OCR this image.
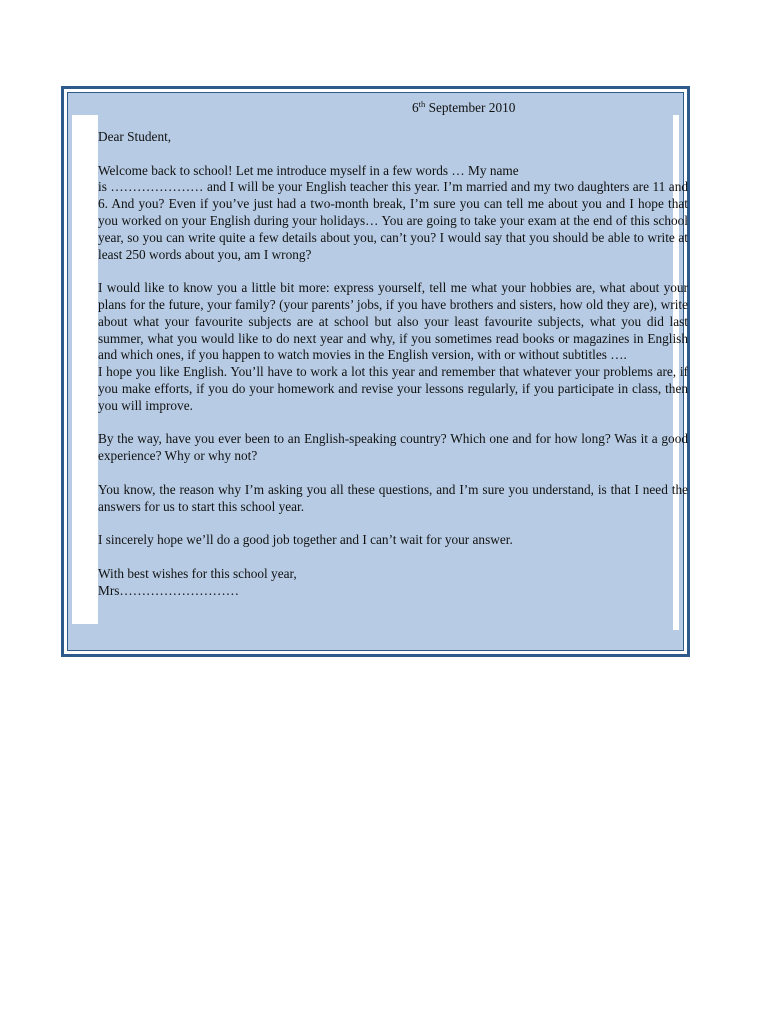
6th September 2010

Dear Student,

Welcome back to school! Let me introduce myself in a few words … My name

is ………………… and I will be your English teacher this year. I’m married and my two daughters are 11 and 6. And you? Even if you’ve just had a two-month break, I’m sure you can tell me about you and I hope that you worked on your English during your holidays… You are going to take your exam at the end of this school year, so you can write quite a few details about you, can’t you? I would say that you should be able to write at least 250 words about you, am I wrong?

I would like to know you a little bit more: express yourself, tell me what your hobbies are, what about your plans for the future, your family? (your parents’ jobs, if you have brothers and sisters, how old they are), write about what your favourite subjects are at school but also your least favourite subjects, what you did last summer, what you would like to do next year and why, if you sometimes read books or magazines in English and which ones, if you happen to watch movies in the English version, with or without subtitles ….

I hope you like English. You’ll have to work a lot this year and remember that whatever your problems are, if you make efforts, if you do your homework and revise your lessons regularly, if you participate in class, then you will improve.

By the way, have you ever been to an English-speaking country? Which one and for how long? Was it a good experience? Why or why not?

You know, the reason why I’m asking you all these questions, and I’m sure you understand, is that I need the answers for us to start this school year.

I sincerely hope we’ll do a good job together and I can’t wait for your answer.

With best wishes for this school year,

Mrs………………………
